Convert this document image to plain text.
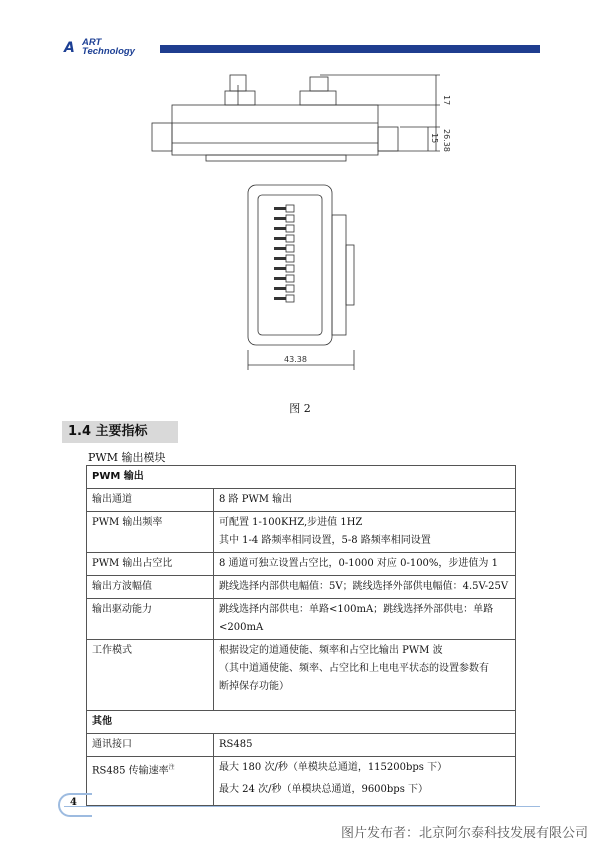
A ART
Technology
17
26.38
15
43.38
图 2
1.4 主要指标
PWM 输出模块
PWM 输出	
输出通道	8 路 PWM 输出

PWM 输出频率	可配置 1-100KHZ,步进值 1HZ
其中 1-4 路频率相同设置，5-8 路频率相同设置

PWM 输出占空比	8 通道可独立设置占空比，0-1000 对应 0-100%，步进值为 1

输出方波幅值	跳线选择内部供电幅值：5V；跳线选择外部供电幅值：4.5V-25V

输出驱动能力	跳线选择内部供电：单路<100mA；跳线选择外部供电：单路
<200mA

工作模式	根据设定的道通使能、频率和占空比输出 PWM 波
（其中道通使能、频率、占空比和上电电平状态的设置参数有
断掉保存功能）

其他	
通讯接口	RS485

RS485 传输速率$^注$	最大 180 次/秒（单模块总通道，115200bps 下）
最大 24 次/秒（单模块总通道，9600bps 下）
4
图片发布者：北京阿尔泰科技发展有限公司
